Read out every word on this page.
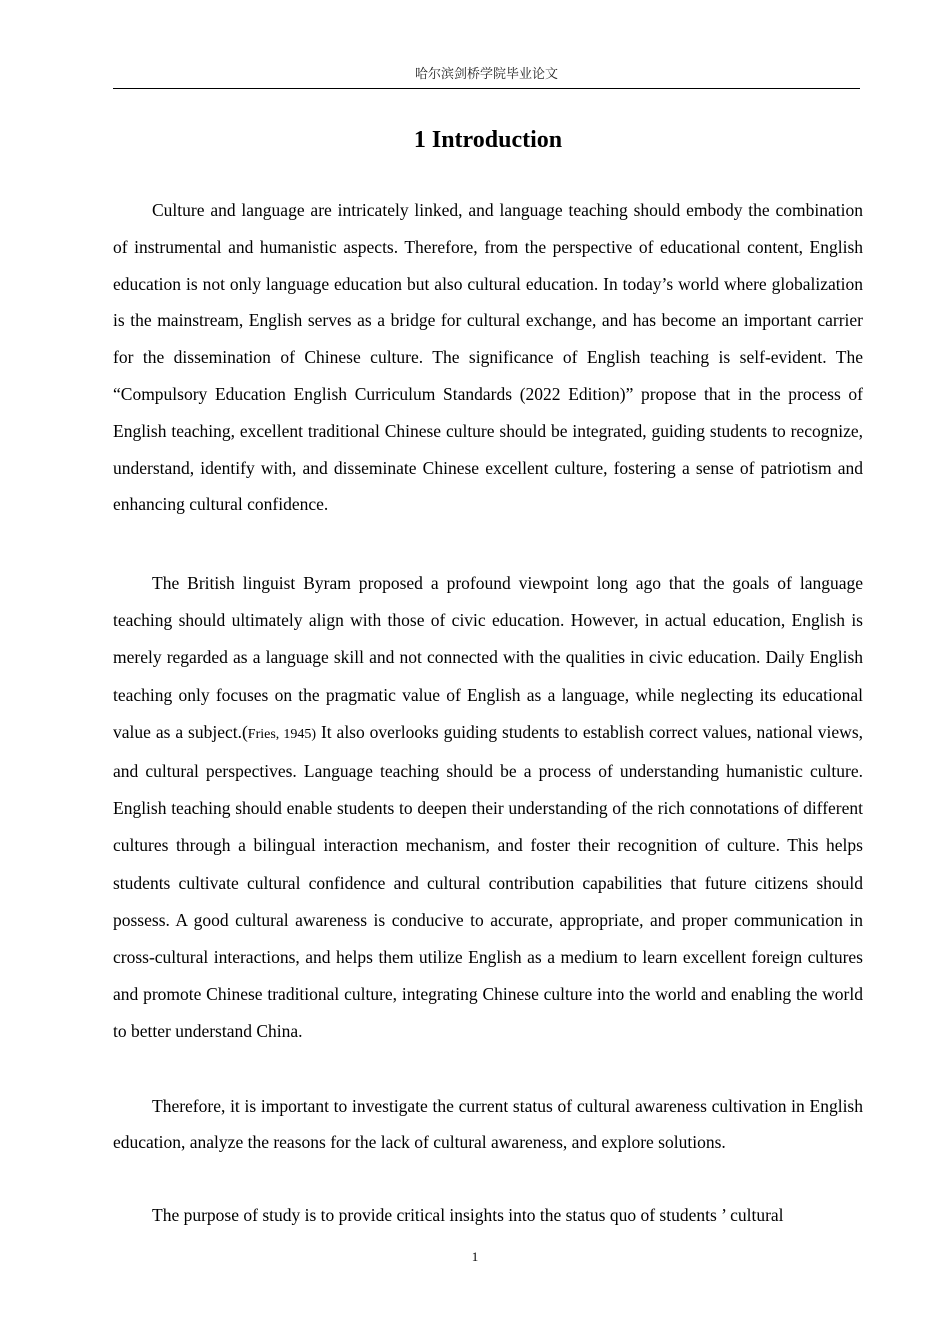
哈尔滨剑桥学院毕业论文
1 Introduction

Culture and language are intricately linked, and language teaching should embody the combination of instrumental and humanistic aspects. Therefore, from the perspective of educational content, English education is not only language education but also cultural education. In today’s world where globalization is the mainstream, English serves as a bridge for cultural exchange, and has become an important carrier for the dissemination of Chinese culture. The significance of English teaching is self-evident. The “Compulsory Education English Curriculum Standards (2022 Edition)” propose that in the process of English teaching, excellent traditional Chinese culture should be integrated, guiding students to recognize, understand, identify with, and disseminate Chinese excellent culture, fostering a sense of patriotism and enhancing cultural confidence.

The British linguist Byram proposed a profound viewpoint long ago that the goals of language teaching should ultimately align with those of civic education. However, in actual education, English is merely regarded as a language skill and not connected with the qualities in civic education. Daily English teaching only focuses on the pragmatic value of English as a language, while neglecting its educational value as a subject.(Fries, 1945) It also overlooks guiding students to establish correct values, national views, and cultural perspectives. Language teaching should be a process of understanding humanistic culture. English teaching should enable students to deepen their understanding of the rich connotations of different cultures through a bilingual interaction mechanism, and foster their recognition of culture. This helps students cultivate cultural confidence and cultural contribution capabilities that future citizens should possess. A good cultural awareness is conducive to accurate, appropriate, and proper communication in cross-cultural interactions, and helps them utilize English as a medium to learn excellent foreign cultures and promote Chinese traditional culture, integrating Chinese culture into the world and enabling the world to better understand China.

Therefore, it is important to investigate the current status of cultural awareness cultivation in English education, analyze the reasons for the lack of cultural awareness, and explore solutions.

The purpose of study is to provide critical insights into the status quo of students ’ cultural

1
